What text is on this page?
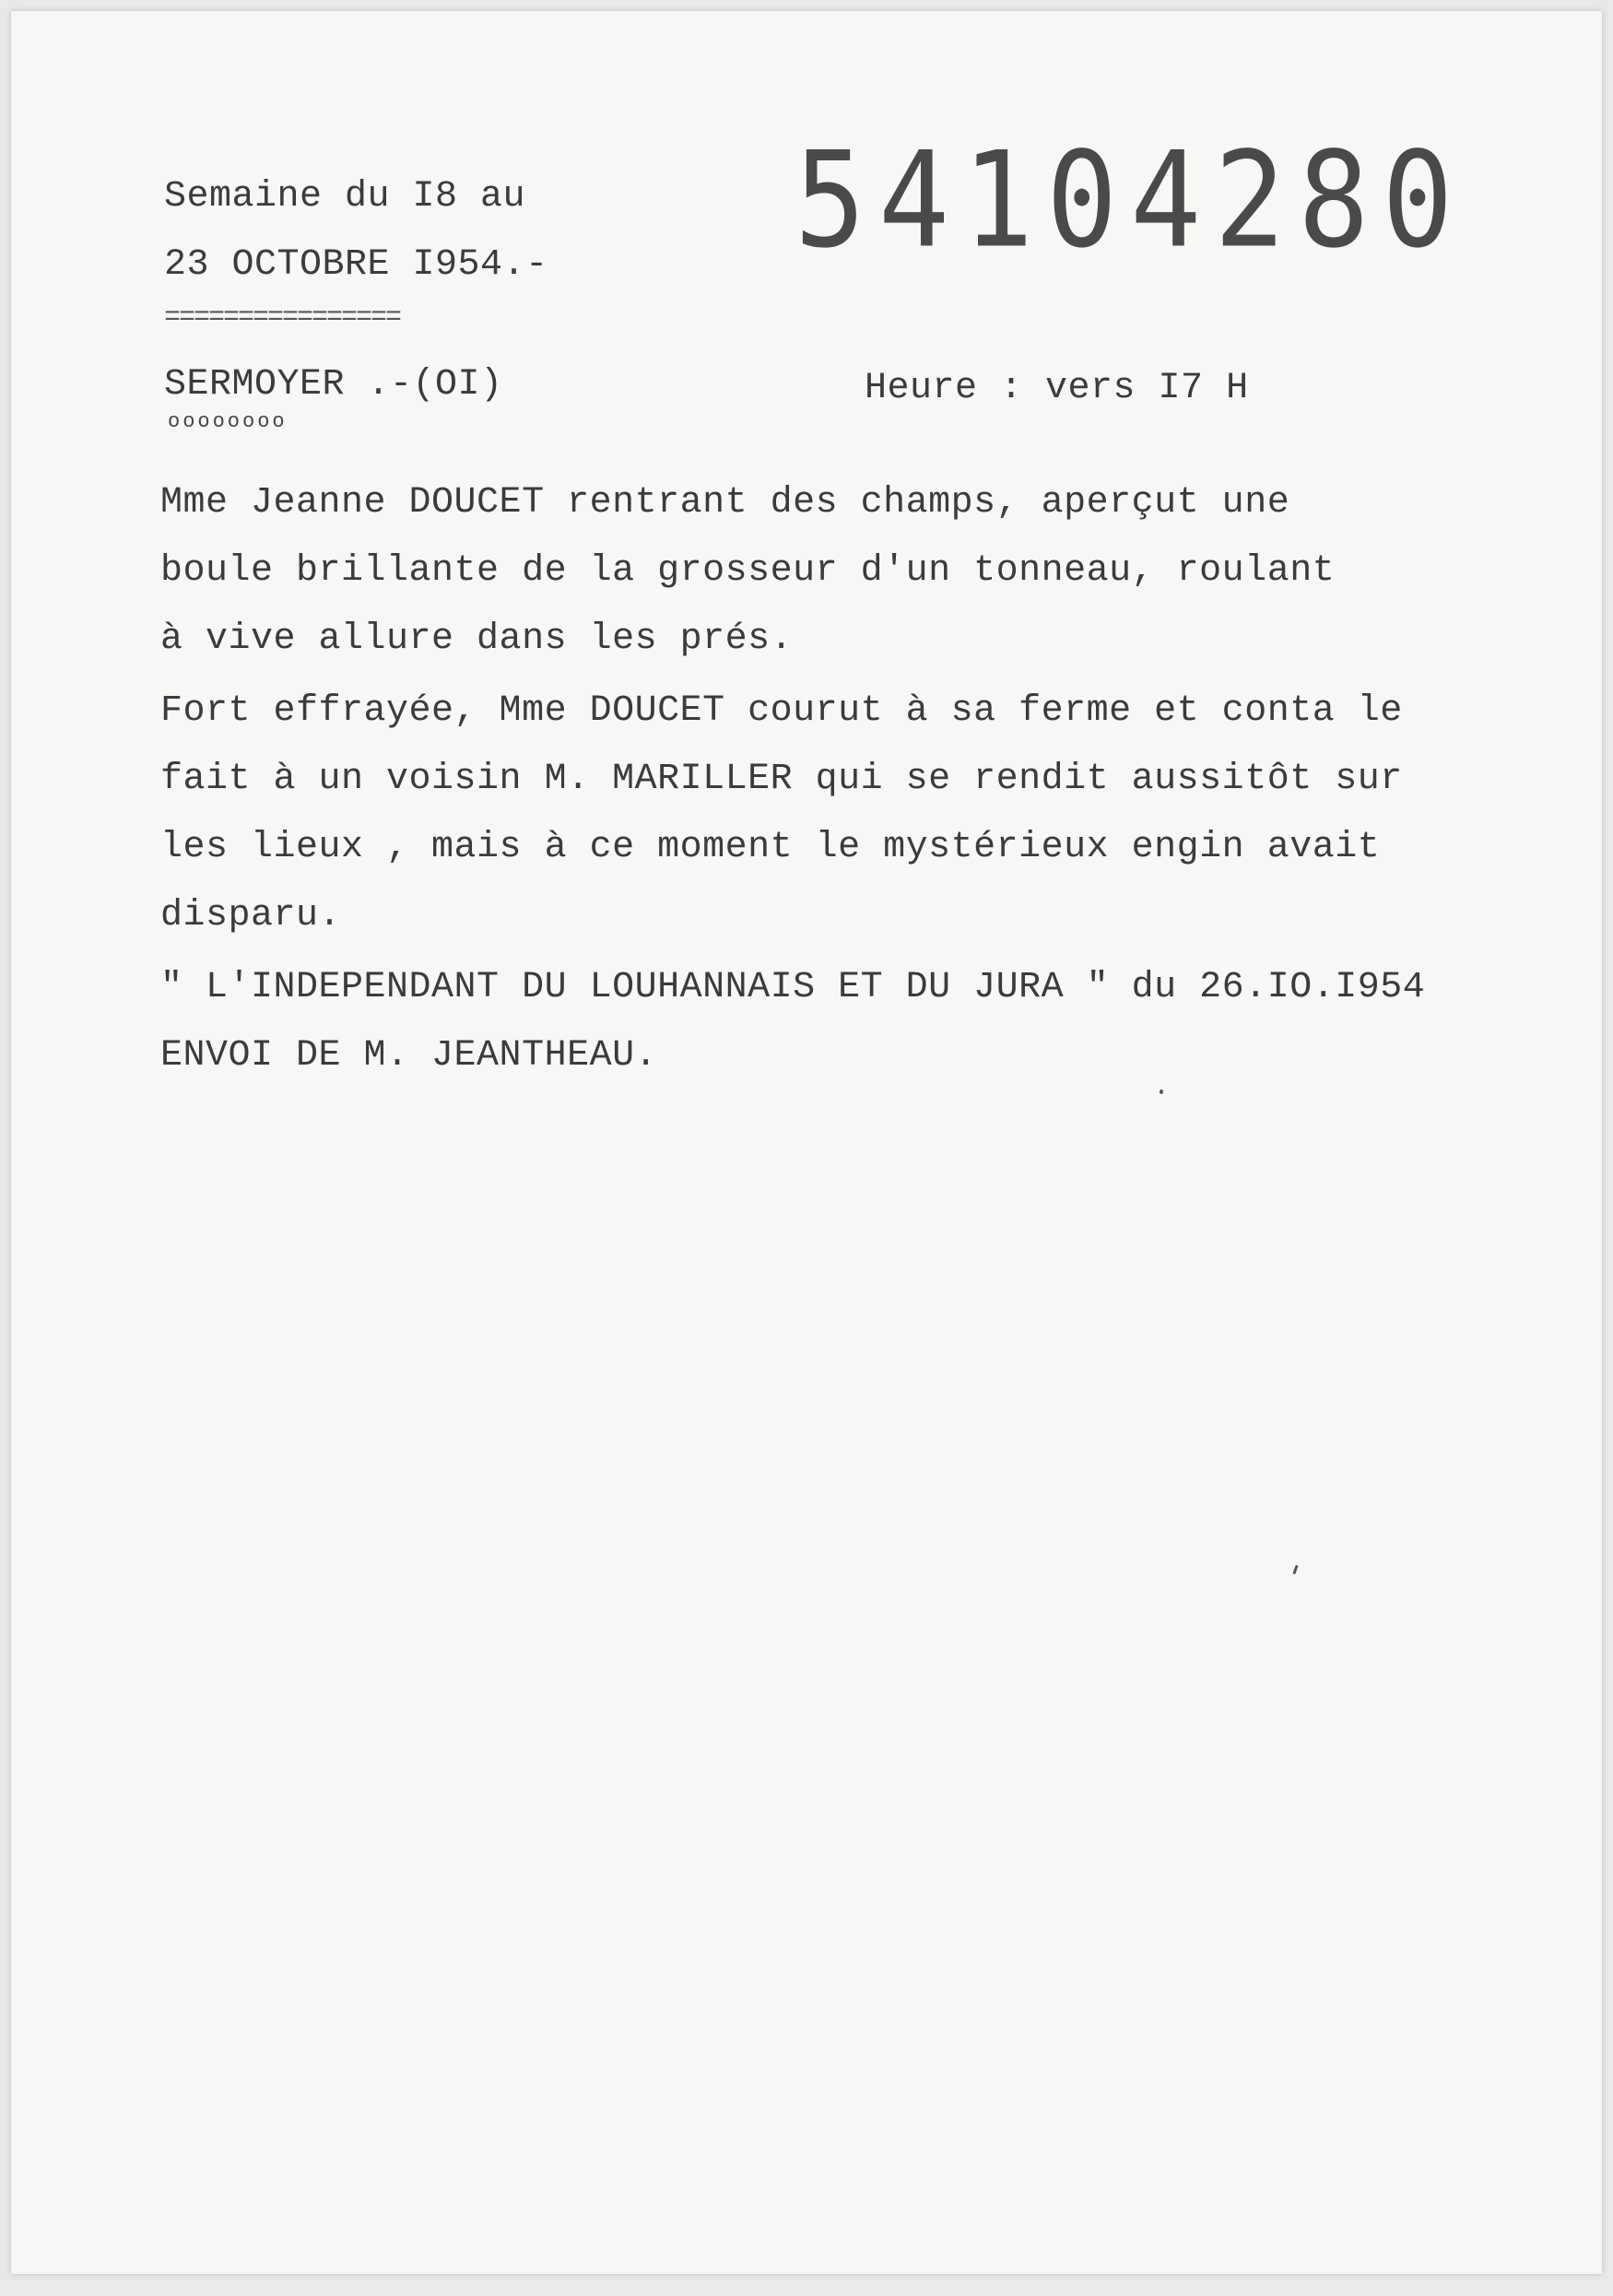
54104280
Semaine du I8 au
23 OCTOBRE I954.-
================
SERMOYER .-(OI)
oooooooo
Heure : vers I7 H
Mme Jeanne DOUCET rentrant des champs, aperçut une
boule brillante de la grosseur d'un tonneau, roulant
à vive allure dans les prés.
Fort effrayée, Mme DOUCET courut à sa ferme et conta le
fait à un voisin M. MARILLER qui se rendit aussitôt sur
les lieux , mais à ce moment le mystérieux engin avait
disparu.
" L'INDEPENDANT DU LOUHANNAIS ET DU JURA " du 26.IO.I954
ENVOI DE M. JEANTHEAU.
